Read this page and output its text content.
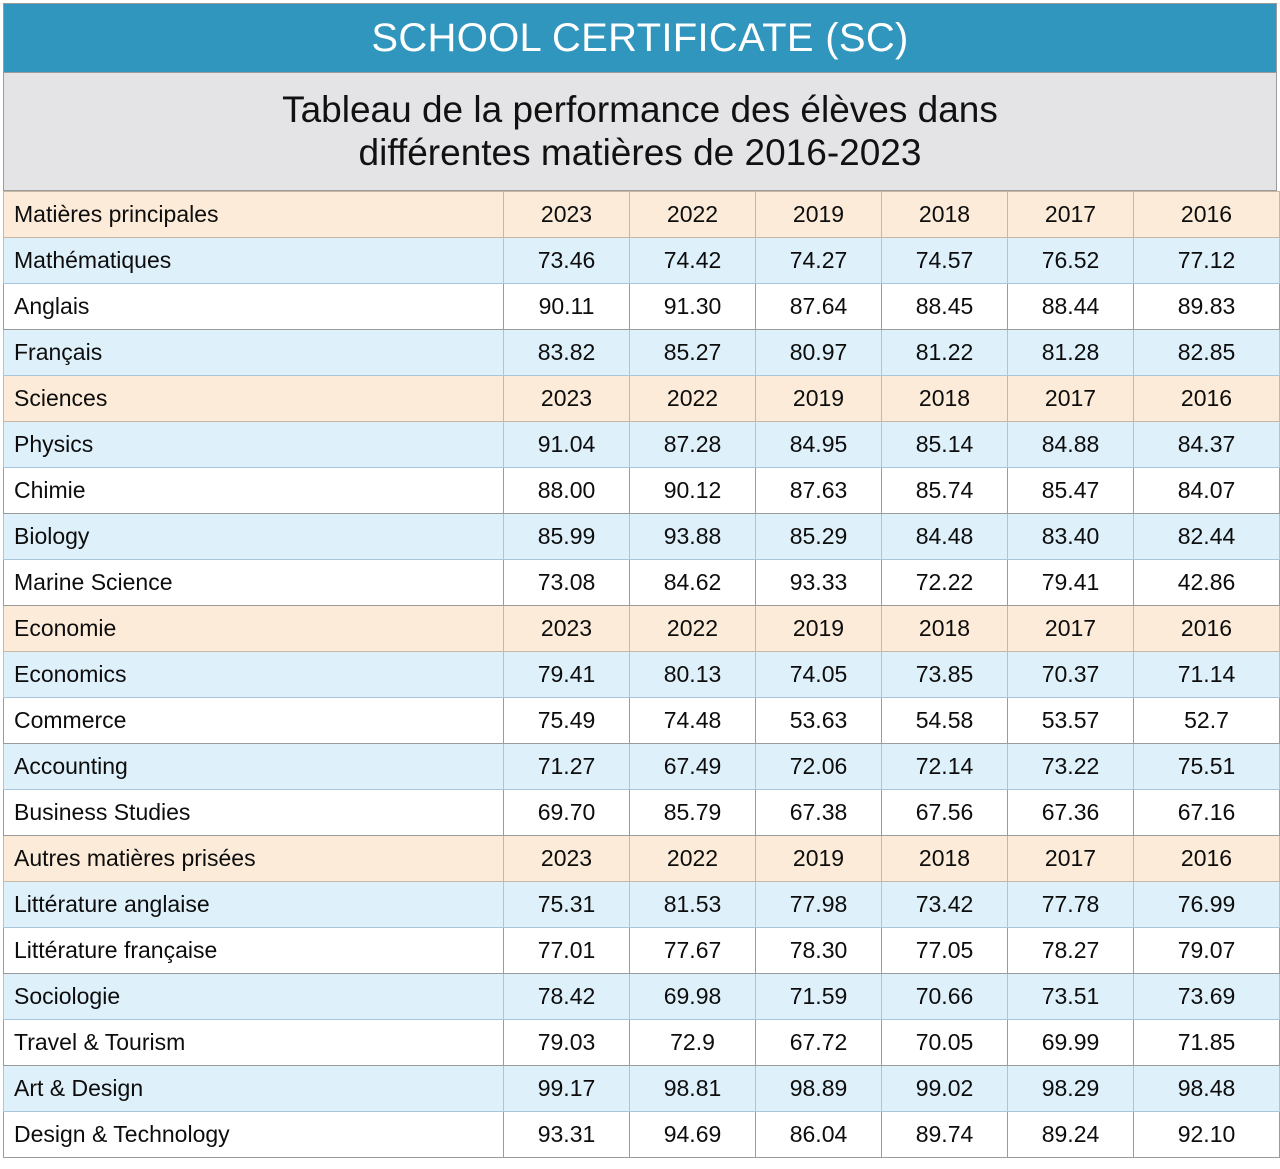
SCHOOL CERTIFICATE (SC)
Tableau de la performance des élèves dans
différentes matières de 2016-2023
Matières principales	2023	2022	2019	2018	2017	2016
Mathématiques	73.46	74.42	74.27	74.57	76.52	77.12
Anglais	90.11	91.30	87.64	88.45	88.44	89.83
Français	83.82	85.27	80.97	81.22	81.28	82.85
Sciences	2023	2022	2019	2018	2017	2016
Physics	91.04	87.28	84.95	85.14	84.88	84.37
Chimie	88.00	90.12	87.63	85.74	85.47	84.07
Biology	85.99	93.88	85.29	84.48	83.40	82.44
Marine Science	73.08	84.62	93.33	72.22	79.41	42.86
Economie	2023	2022	2019	2018	2017	2016
Economics	79.41	80.13	74.05	73.85	70.37	71.14
Commerce	75.49	74.48	53.63	54.58	53.57	52.7
Accounting	71.27	67.49	72.06	72.14	73.22	75.51
Business Studies	69.70	85.79	67.38	67.56	67.36	67.16
Autres matières prisées	2023	2022	2019	2018	2017	2016
Littérature anglaise	75.31	81.53	77.98	73.42	77.78	76.99
Littérature française	77.01	77.67	78.30	77.05	78.27	79.07
Sociologie	78.42	69.98	71.59	70.66	73.51	73.69
Travel & Tourism	79.03	72.9	67.72	70.05	69.99	71.85
Art & Design	99.17	98.81	98.89	99.02	98.29	98.48
Design & Technology	93.31	94.69	86.04	89.74	89.24	92.10
